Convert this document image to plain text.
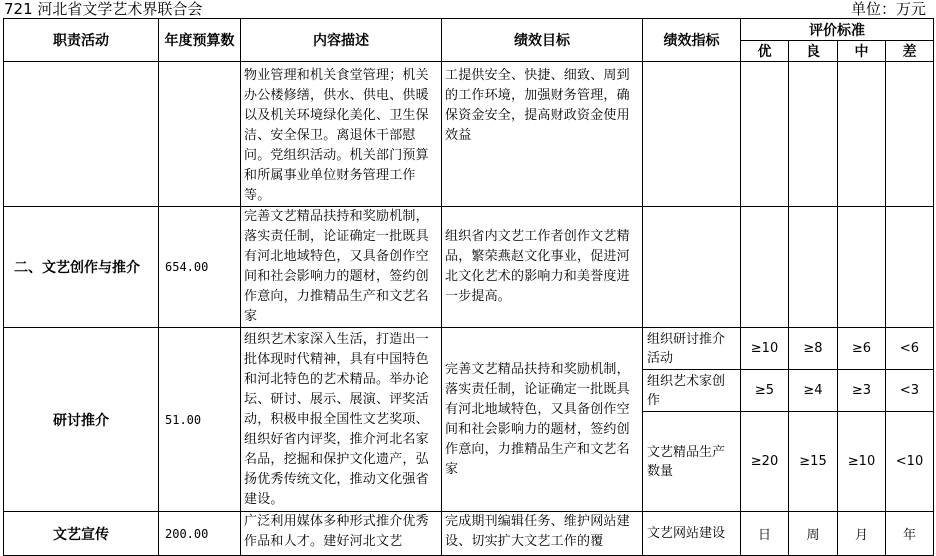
721 河北省文学艺术界联合会	单位：万元
职责活动	年度预算数	内容描述	绩效目标	绩效指标	评价标准			
					优	良	中	差
		物业管理和机关食堂管理；机关办公楼修缮，供水、供电、供暖以及机关环境绿化美化、卫生保洁、安全保卫。离退休干部慰问。党组织活动。机关部门预算和所属事业单位财务管理工作等。	工提供安全、快捷、细致、周到的工作环境，加强财务管理，确保资金安全，提高财政资金使用效益					
二、文艺创作与推介	654.00	完善文艺精品扶持和奖励机制，落实责任制，论证确定一批既具有河北地域特色，又具备创作空间和社会影响力的题材，签约创作意向，力推精品生产和文艺名家	组织省内文艺工作者创作文艺精品，繁荣燕赵文化事业，促进河北文化艺术的影响力和美誉度进一步提高。					
研讨推介	51.00	组织艺术家深入生活，打造出一批体现时代精神，具有中国特色和河北特色的艺术精品。举办论坛、研讨、展示、展演、评奖活动，积极申报全国性文艺奖项、组织好省内评奖，推介河北名家名品，挖掘和保护文化遗产，弘扬优秀传统文化，推动文化强省建设。	完善文艺精品扶持和奖励机制，落实责任制，论证确定一批既具有河北地域特色，又具备创作空间和社会影响力的题材，签约创作意向，力推精品生产和文艺名家	组织研讨推介活动	≥10	≥8	≥6	<6
				组织艺术家创作	≥5	≥4	≥3	<3
				文艺精品生产数量	≥20	≥15	≥10	<10
文艺宣传	200.00	广泛利用媒体多种形式推介优秀作品和人才。建好河北文艺	完成期刊编辑任务、维护网站建设、切实扩大文艺工作的覆	文艺网站建设	日	周	月	年
